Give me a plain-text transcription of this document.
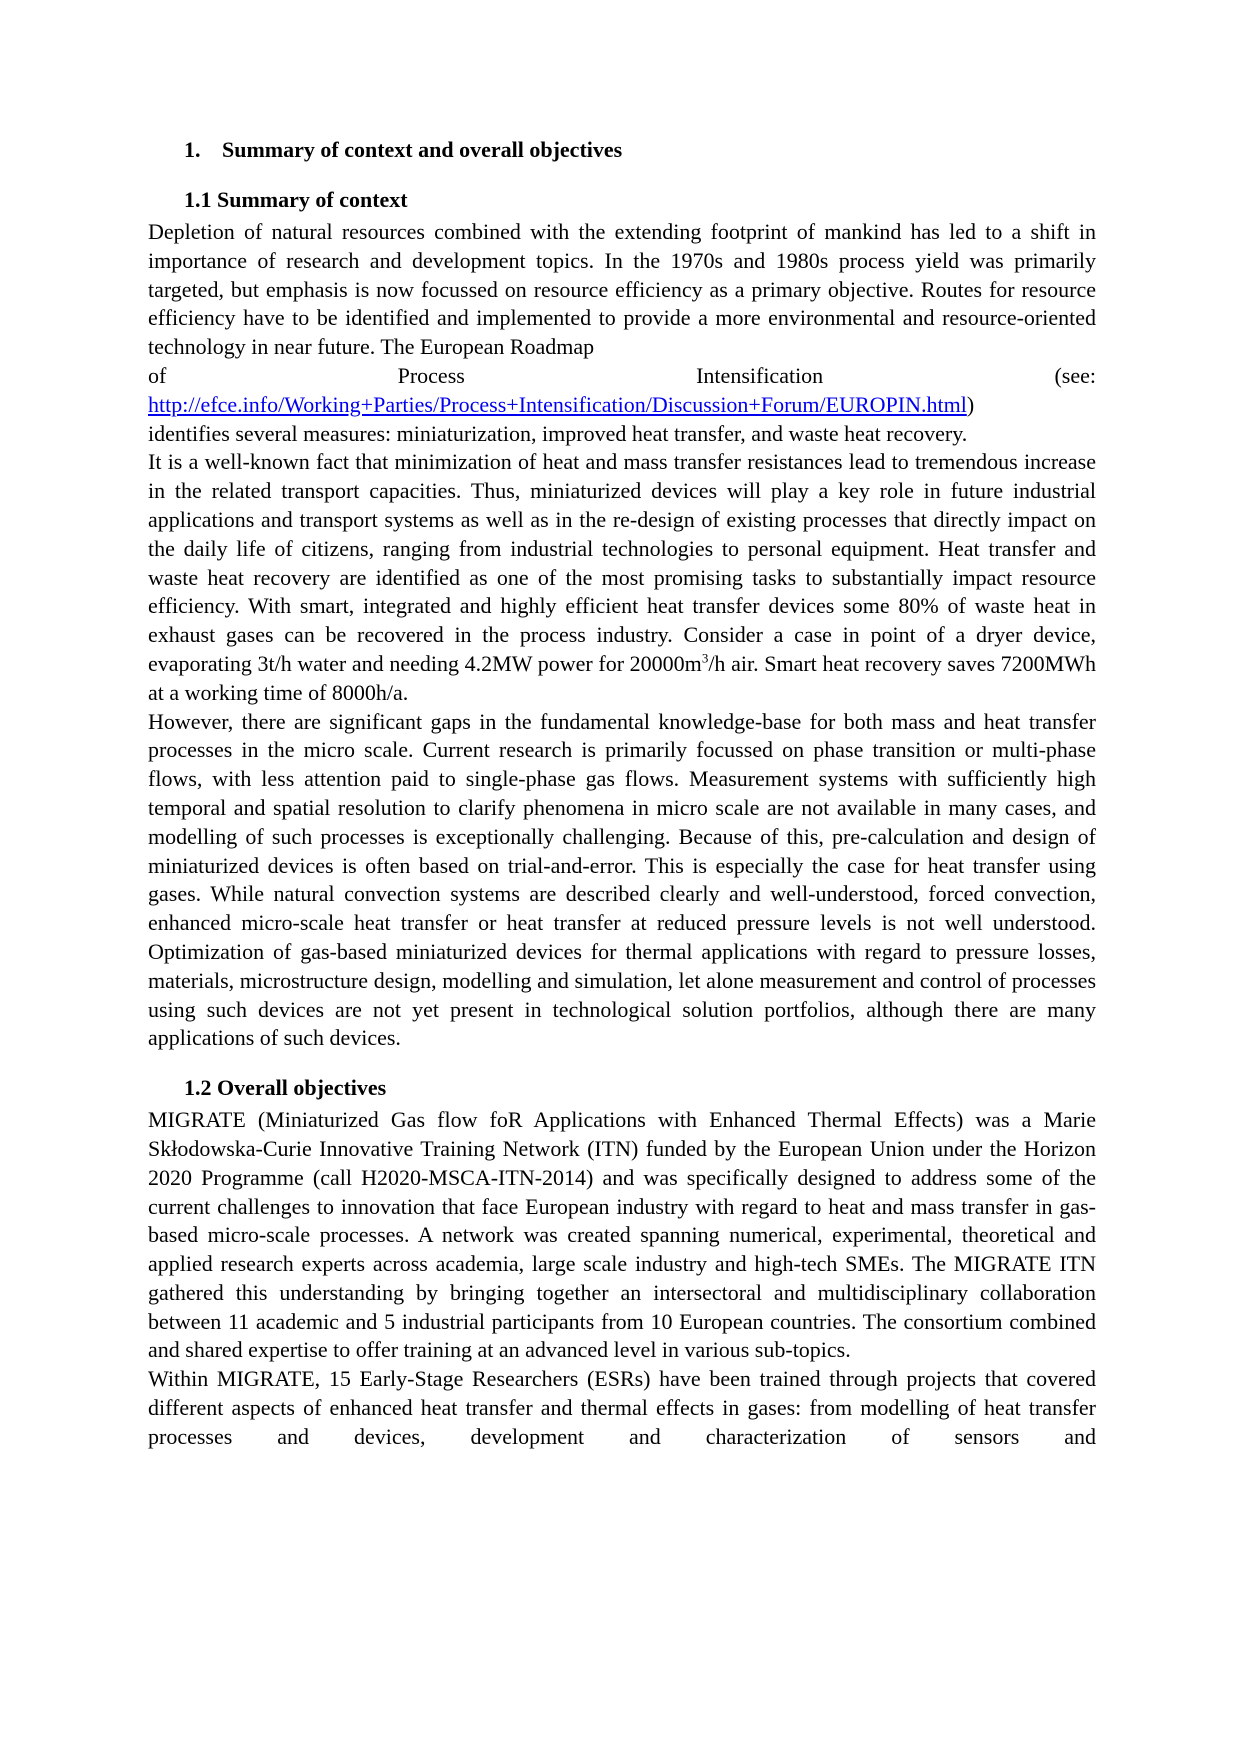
1. Summary of context and overall objectives
1.1 Summary of context

Depletion of natural resources combined with the extending footprint of mankind has led to a shift in importance of research and development topics. In the 1970s and 1980s process yield was primarily targeted, but emphasis is now focussed on resource efficiency as a primary objective. Routes for resource efficiency have to be identified and implemented to provide a more environmental and resource-oriented technology in near future. The European Roadmap

of	Process	Intensification	(see:
http://efce.info/Working+Parties/Process+Intensification/Discussion+Forum/EUROPIN.html)

identifies several measures: miniaturization, improved heat transfer, and waste heat recovery.

It is a well-known fact that minimization of heat and mass transfer resistances lead to tremendous increase in the related transport capacities. Thus, miniaturized devices will play a key role in future industrial applications and transport systems as well as in the re-design of existing processes that directly impact on the daily life of citizens, ranging from industrial technologies to personal equipment. Heat transfer and waste heat recovery are identified as one of the most promising tasks to substantially impact resource efficiency. With smart, integrated and highly efficient heat transfer devices some 80% of waste heat in exhaust gases can be recovered in the process industry. Consider a case in point of a dryer device, evaporating 3t/h water and needing 4.2MW power for $20000m^3/h$ air. Smart heat recovery saves 7200MWh at a working time of 8000h/a.

However, there are significant gaps in the fundamental knowledge-base for both mass and heat transfer processes in the micro scale. Current research is primarily focussed on phase transition or multi-phase flows, with less attention paid to single-phase gas flows. Measurement systems with sufficiently high temporal and spatial resolution to clarify phenomena in micro scale are not available in many cases, and modelling of such processes is exceptionally challenging. Because of this, pre-calculation and design of miniaturized devices is often based on trial-and-error. This is especially the case for heat transfer using gases. While natural convection systems are described clearly and well-understood, forced convection, enhanced micro-scale heat transfer or heat transfer at reduced pressure levels is not well understood. Optimization of gas-based miniaturized devices for thermal applications with regard to pressure losses, materials, microstructure design, modelling and simulation, let alone measurement and control of processes using such devices are not yet present in technological solution portfolios, although there are many applications of such devices.

1.2 Overall objectives

MIGRATE (Miniaturized Gas flow foR Applications with Enhanced Thermal Effects) was a Marie Skłodowska-Curie Innovative Training Network (ITN) funded by the European Union under the Horizon 2020 Programme (call H2020-MSCA-ITN-2014) and was specifically designed to address some of the current challenges to innovation that face European industry with regard to heat and mass transfer in gas-based micro-scale processes. A network was created spanning numerical, experimental, theoretical and applied research experts across academia, large scale industry and high-tech SMEs. The MIGRATE ITN gathered this understanding by bringing together an intersectoral and multidisciplinary collaboration between 11 academic and 5 industrial participants from 10 European countries. The consortium combined and shared expertise to offer training at an advanced level in various sub-topics.

Within MIGRATE, 15 Early-Stage Researchers (ESRs) have been trained through projects that covered different aspects of enhanced heat transfer and thermal effects in gases: from modelling of heat transfer processes and devices, development and characterization of sensors and
